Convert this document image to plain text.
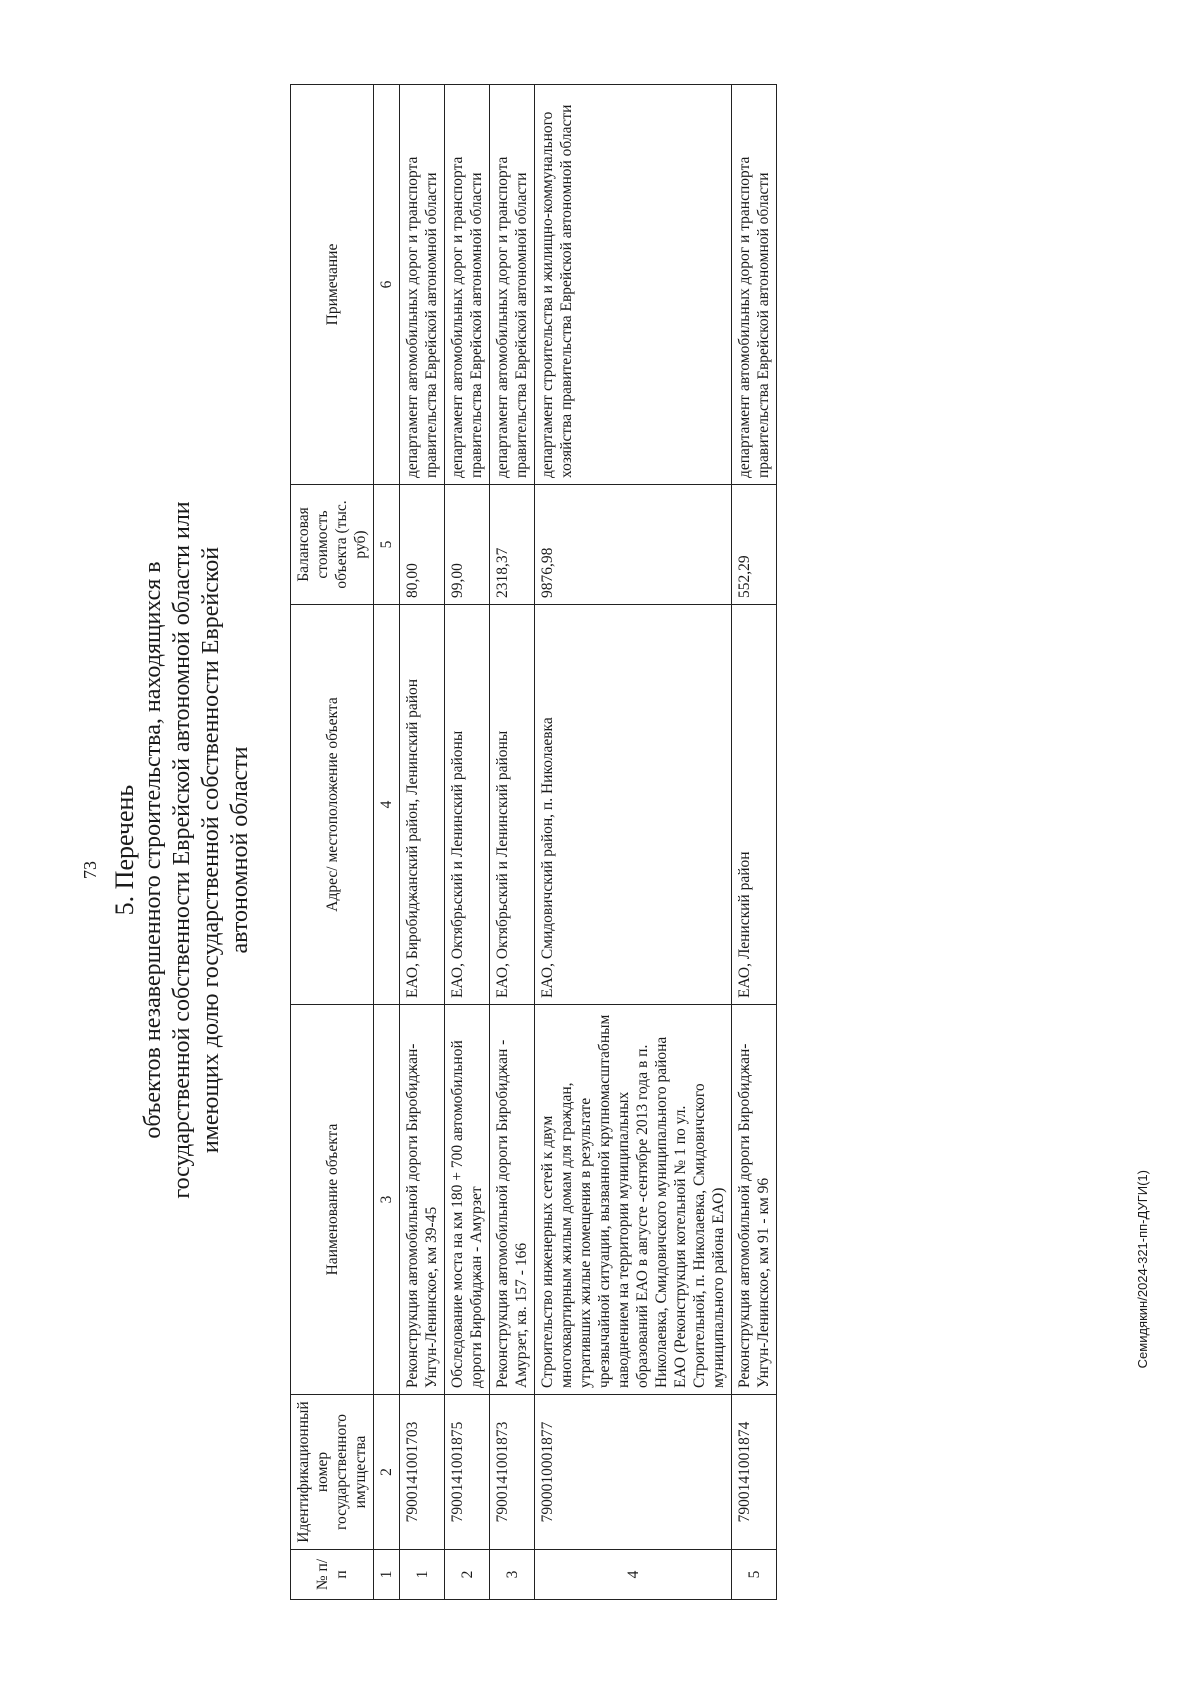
73 5. Перечень объектов незавершенного строительства, находящихся в государственной собственности Еврейской автономной области или имеющих долю государственной собственности Еврейской автономной области
№ п/п	Идентификационный номер государственного имущества	Наименование объекта	Адрес/ местоположение объекта	Балансовая стоимость объекта (тыс. руб)	Примечание
1	2	3	4	5	6
1	7900141001703	Реконструкция автомобильной дороги Биробиджан-Унгун-Ленинское, км 39-45	ЕАО, Биробиджанский район, Ленинский район	80,00	департамент автомобильных дорог и транспорта правительства Еврейской автономной области
2	7900141001875	Обследование моста на км 180 + 700 автомобильной дороги Биробиджан - Амурзет	ЕАО, Октябрьский и Ленинский районы	99,00	департамент автомобильных дорог и транспорта правительства Еврейской автономной области
3	7900141001873	Реконструкция автомобильной дороги Биробиджан - Амурзет, кв. 157 - 166	ЕАО, Октябрьский и Ленинский районы	2318,37	департамент автомобильных дорог и транспорта правительства Еврейской автономной области
4	7900010001877	Строительство инженерных сетей к двум многоквартирным жилым домам для граждан, утративших жилые помещения в результате чрезвычайной ситуации, вызванной крупномасштабным наводнением на территории муниципальных образований ЕАО в августе -сентябре 2013 года в п. Николаевка, Смидовичского муниципального района ЕАО (Реконструкция котельной № 1 по ул. Строительной, п. Николаевка, Смидовичского муниципального района ЕАО)	ЕАО, Смидовичский район, п. Николаевка	9876,98	департамент строительства и жилищно-коммунального хозяйства правительства Еврейской автономной области
5	7900141001874	Реконструкция автомобильной дороги Биробиджан-Унгун-Ленинское, км 91 - км 96	ЕАО, Лениский район	552,29	департамент автомобильных дорог и транспорта правительства Еврейской автономной области
Семидякин/2024-321-пп-ДУГИ(1)
